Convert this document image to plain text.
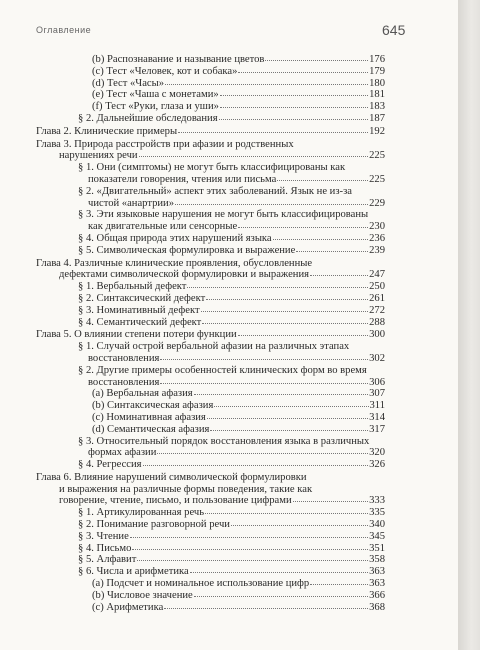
Оглавление	645
(b) Распознавание и называние цветов	176
(c) Тест «Человек, кот и собака»	179
(d) Тест «Часы»	180
(e) Тест «Чаша с монетами»	181
(f) Тест «Руки, глаза и уши»	183
§ 2. Дальнейшие обследования	187
Глава 2. Клинические примеры	192
Глава 3. Природа расстройств при афазии и родственных
нарушениях речи	225
§ 1. Они (симптомы) не могут быть классифицированы как
показатели говорения, чтения или письма	225
§ 2. «Двигательный» аспект этих заболеваний. Язык не из-за
чистой «анартрии»	229
§ 3. Эти языковые нарушения не могут быть классифицированы
как двигательные или сенсорные	230
§ 4. Общая природа этих нарушений языка	236
§ 5. Символическая формулировка и выражение	239
Глава 4. Различные клинические проявления, обусловленные
дефектами символической формулировки и выражения	247
§ 1. Вербальный дефект	250
§ 2. Синтаксический дефект	261
§ 3. Номинативный дефект	272
§ 4. Семантический дефект	288
Глава 5. О влиянии степени потери функции	300
§ 1. Случай острой вербальной афазии на различных этапах
восстановления	302
§ 2. Другие примеры особенностей клинических форм во время
восстановления	306
(a) Вербальная афазия	307
(b) Синтаксическая афазия	311
(c) Номинативная афазия	314
(d) Семантическая афазия	317
§ 3. Относительный порядок восстановления языка в различных
формах афазии	320
§ 4. Регрессия	326
Глава 6. Влияние нарушений символической формулировки
и выражения на различные формы поведения, такие как
говорение, чтение, письмо, и пользование цифрами	333
§ 1. Артикулированная речь	335
§ 2. Понимание разговорной речи	340
§ 3. Чтение	345
§ 4. Письмо	351
§ 5. Алфавит	358
§ 6. Числа и арифметика	363
(a) Подсчет и номинальное использование цифр	363
(b) Числовое значение	366
(c) Арифметика	368
